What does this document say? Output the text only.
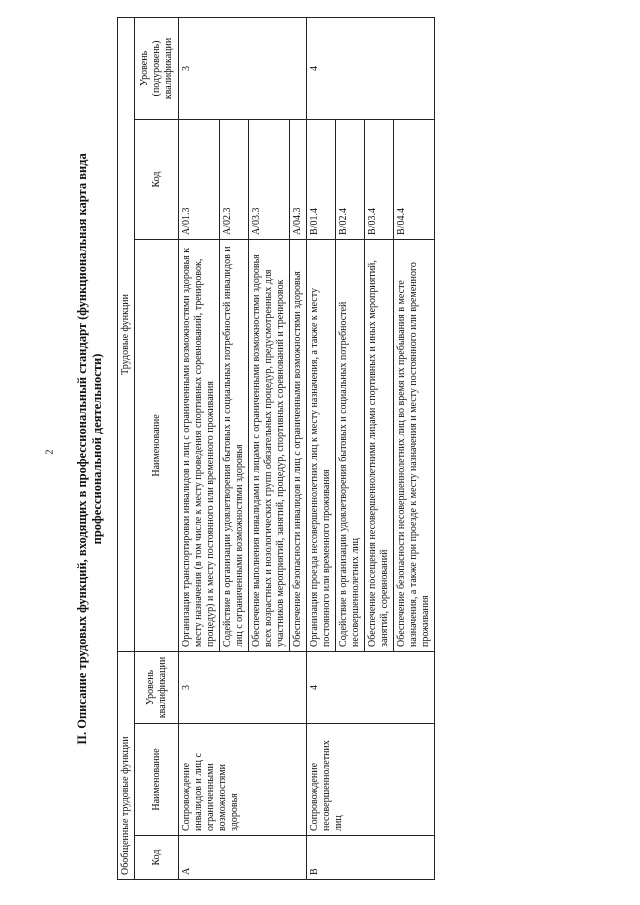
2 II. Описание трудовых функций, входящих в профессиональный стандарт (функциональная карта вида профессиональной деятельности)
Обобщенные трудовые функции			Трудовые функции		
Код	Наименование	Уровень квалификации	Наименование	Код	Уровень (подуровень) квалификации
A	Сопровождение инвалидов и лиц с ограниченными возможностями здоровья	3	Организация транспортировки инвалидов и лиц с ограниченными возможностями здоровья к месту назначения (в том числе к месту проведения спортивных соревнований, тренировок, процедур) и к месту постоянного или временного проживания	A/01.3	3
			Содействие в организации удовлетворения бытовых и социальных потребностей инвалидов и лиц с ограниченными возможностями здоровья	A/02.3	
			Обеспечение выполнения инвалидами и лицами с ограниченными возможностями здоровья всех возрастных и нозологических групп обязательных процедур, предусмотренных для участников мероприятий, занятий, процедур, спортивных соревнований и тренировок	A/03.3	
			Обеспечение безопасности инвалидов и лиц с ограниченными возможностями здоровья	A/04.3	
B	Сопровождение несовершеннолетних лиц	4	Организация проезда несовершеннолетних лиц к месту назначения, а также к месту постоянного или временного проживания	B/01.4	4
			Содействие в организации удовлетворения бытовых и социальных потребностей несовершеннолетних лиц	B/02.4	
			Обеспечение посещения несовершеннолетними лицами спортивных и иных мероприятий, занятий, соревнований	B/03.4	
			Обеспечение безопасности несовершеннолетних лиц во время их пребывания в месте назначения, а также при проезде к месту назначения и месту постоянного или временного проживания	B/04.4	
